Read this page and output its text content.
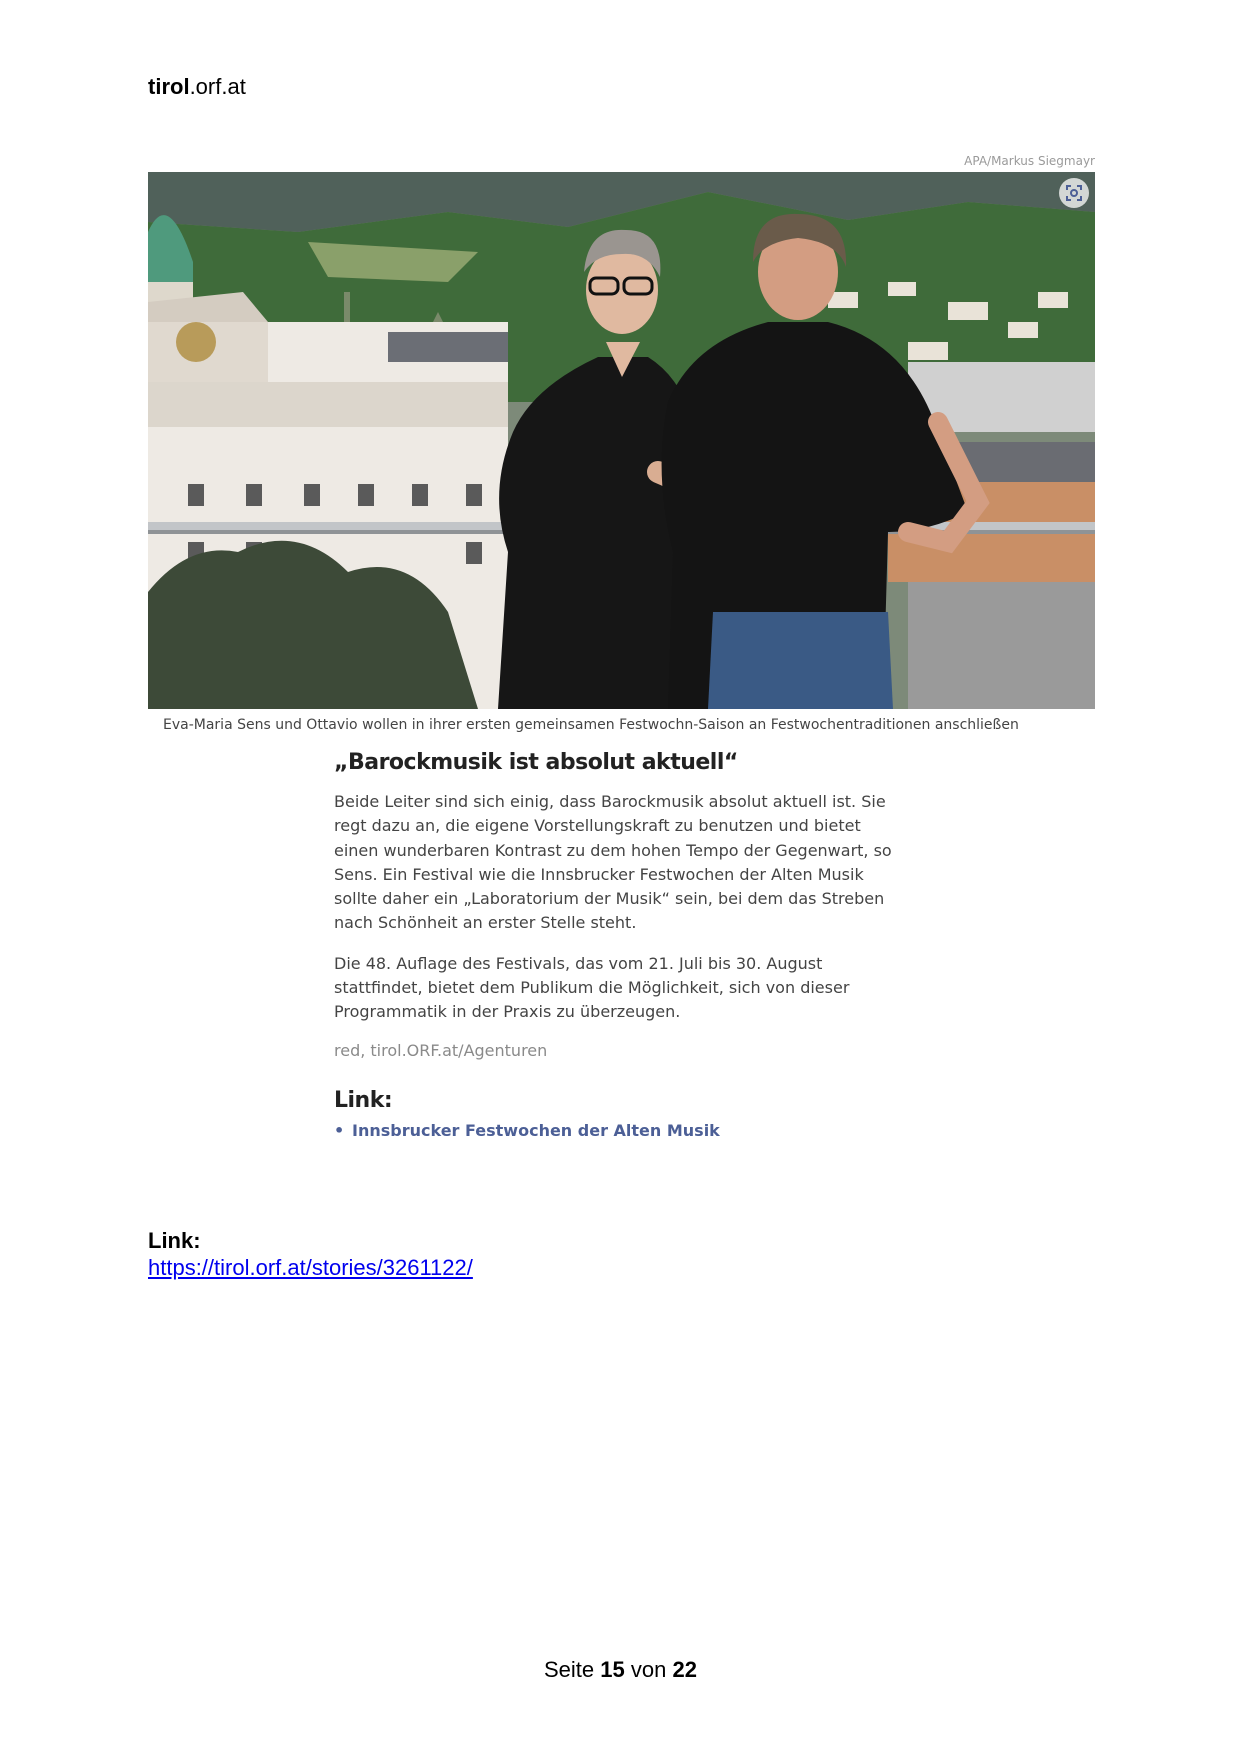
tirol.orf.at
APA/Markus Siegmayr
Eva-Maria Sens und Ottavio wollen in ihrer ersten gemeinsamen Festwochn-Saison an Festwochentraditionen anschließen
„Barockmusik ist absolut aktuell“

Beide Leiter sind sich einig, dass Barockmusik absolut aktuell ist. Sie regt dazu an, die eigene Vorstellungskraft zu benutzen und bietet einen wunderbaren Kontrast zu dem hohen Tempo der Gegenwart, so Sens. Ein Festival wie die Innsbrucker Festwochen der Alten Musik sollte daher ein „Laboratorium der Musik“ sein, bei dem das Streben nach Schönheit an erster Stelle steht.

Die 48. Auflage des Festivals, das vom 21. Juli bis 30. August stattfindet, bietet dem Publikum die Möglichkeit, sich von dieser Programmatik in der Praxis zu überzeugen.

red, tirol.ORF.at/Agenturen
Link:
• Innsbrucker Festwochen der Alten Musik
Link:
https://tirol.orf.at/stories/3261122/
Seite 15 von 22
